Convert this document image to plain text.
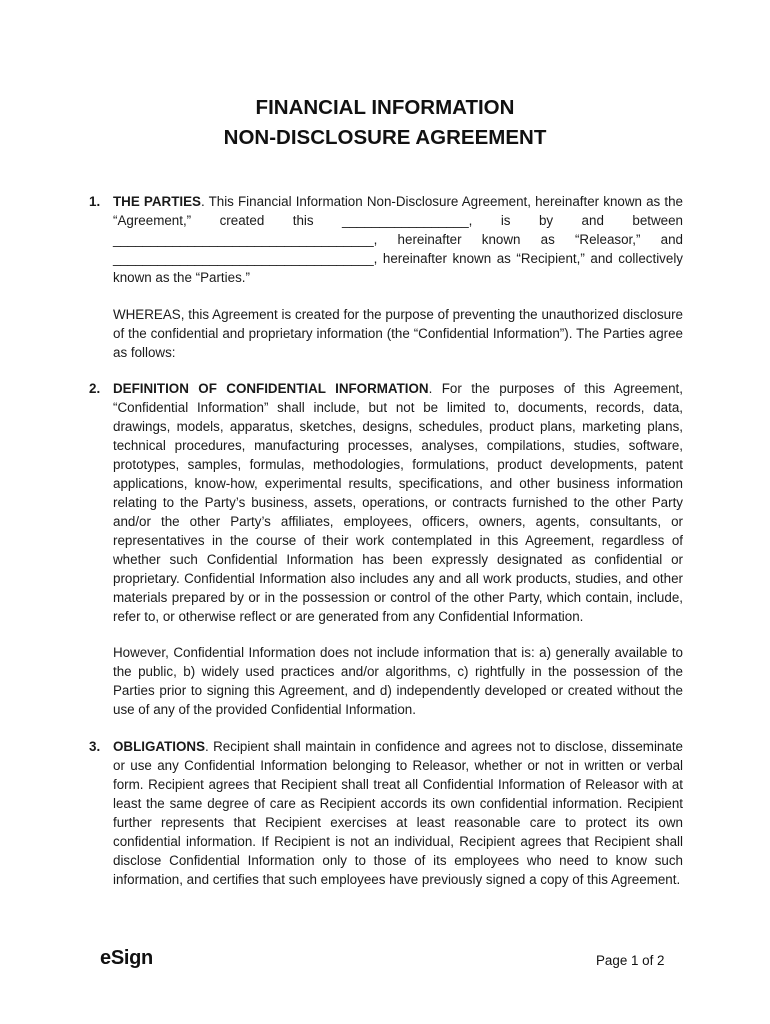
FINANCIAL INFORMATION
NON-DISCLOSURE AGREEMENT
1. THE PARTIES. This Financial Information Non-Disclosure Agreement, hereinafter known as the “Agreement,” created this _________________, is by and between ___________________________________, hereinafter known as “Releasor,” and ___________________________________, hereinafter known as “Recipient,” and collectively known as the “Parties.”
WHEREAS, this Agreement is created for the purpose of preventing the unauthorized disclosure of the confidential and proprietary information (the “Confidential Information”). The Parties agree as follows:
2. DEFINITION OF CONFIDENTIAL INFORMATION. For the purposes of this Agreement, “Confidential Information” shall include, but not be limited to, documents, records, data, drawings, models, apparatus, sketches, designs, schedules, product plans, marketing plans, technical procedures, manufacturing processes, analyses, compilations, studies, software, prototypes, samples, formulas, methodologies, formulations, product developments, patent applications, know-how, experimental results, specifications, and other business information relating to the Party’s business, assets, operations, or contracts furnished to the other Party and/or the other Party’s affiliates, employees, officers, owners, agents, consultants, or representatives in the course of their work contemplated in this Agreement, regardless of whether such Confidential Information has been expressly designated as confidential or proprietary. Confidential Information also includes any and all work products, studies, and other materials prepared by or in the possession or control of the other Party, which contain, include, refer to, or otherwise reflect or are generated from any Confidential Information.
However, Confidential Information does not include information that is: a) generally available to the public, b) widely used practices and/or algorithms, c) rightfully in the possession of the Parties prior to signing this Agreement, and d) independently developed or created without the use of any of the provided Confidential Information.
3. OBLIGATIONS. Recipient shall maintain in confidence and agrees not to disclose, disseminate or use any Confidential Information belonging to Releasor, whether or not in written or verbal form. Recipient agrees that Recipient shall treat all Confidential Information of Releasor with at least the same degree of care as Recipient accords its own confidential information. Recipient further represents that Recipient exercises at least reasonable care to protect its own confidential information. If Recipient is not an individual, Recipient agrees that Recipient shall disclose Confidential Information only to those of its employees who need to know such information, and certifies that such employees have previously signed a copy of this Agreement.
eSign	Page 1 of 2
